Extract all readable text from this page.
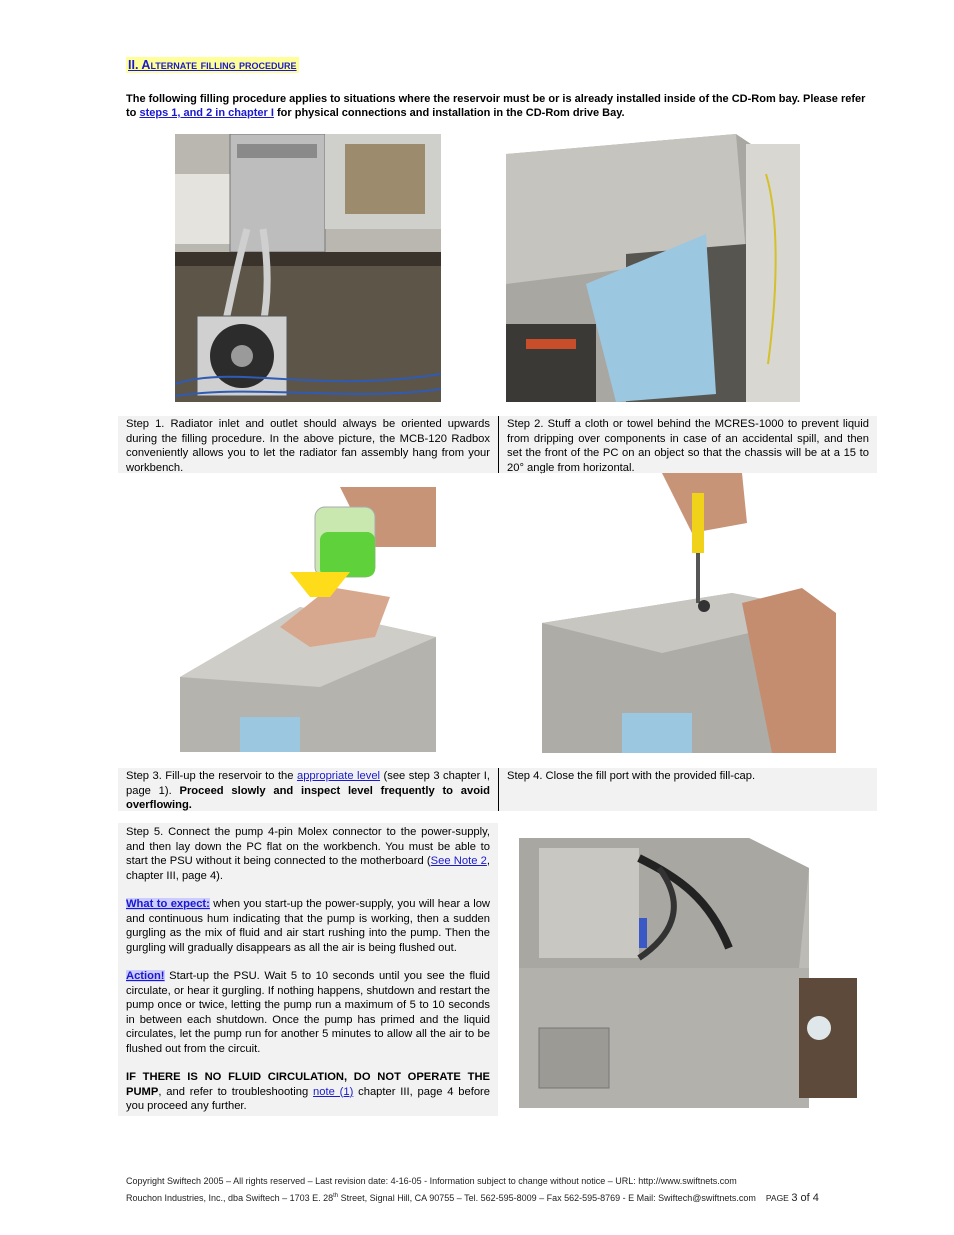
II. Alternate filling procedure
The following filling procedure applies to situations where the reservoir must be or is already installed inside of the CD-Rom bay. Please refer to steps 1, and 2 in chapter I for physical connections and installation in the CD-Rom drive Bay.
Step 1. Radiator inlet and outlet should always be oriented upwards during the filling procedure. In the above picture, the MCB-120 Radbox conveniently allows you to let the radiator fan assembly hang from your workbench.
Step 2. Stuff a cloth or towel behind the MCRES-1000 to prevent liquid from dripping over components in case of an accidental spill, and then set the front of the PC on an object so that the chassis will be at a 15 to 20° angle from horizontal.
Step 3. Fill-up the reservoir to the appropriate level (see step 3 chapter I, page 1). Proceed slowly and inspect level frequently to avoid overflowing.
Step 4. Close the fill port with the provided fill-cap.

Step 5. Connect the pump 4-pin Molex connector to the power-supply, and then lay down the PC flat on the workbench. You must be able to start the PSU without it being connected to the motherboard (See Note 2, chapter III, page 4).

What to expect: when you start-up the power-supply, you will hear a low and continuous hum indicating that the pump is working, then a sudden gurgling as the mix of fluid and air start rushing into the pump. Then the gurgling will gradually disappears as all the air is being flushed out.

Action! Start-up the PSU. Wait 5 to 10 seconds until you see the fluid circulate, or hear it gurgling. If nothing happens, shutdown and restart the pump once or twice, letting the pump run a maximum of 5 to 10 seconds in between each shutdown. Once the pump has primed and the liquid circulates, let the pump run for another 5 minutes to allow all the air to be flushed out from the circuit.

IF THERE IS NO FLUID CIRCULATION, DO NOT OPERATE THE PUMP, and refer to troubleshooting note (1) chapter III, page 4 before you proceed any further.

Copyright Swiftech 2005 – All rights reserved – Last revision date: 4-16-05 - Information subject to change without notice – URL: http://www.swiftnets.com
Rouchon Industries, Inc., dba Swiftech – 1703 E. 28th Street, Signal Hill, CA 90755 – Tel. 562-595-8009 – Fax 562-595-8769 - E Mail: Swiftech@swiftnets.com PAGE 3 of 4
